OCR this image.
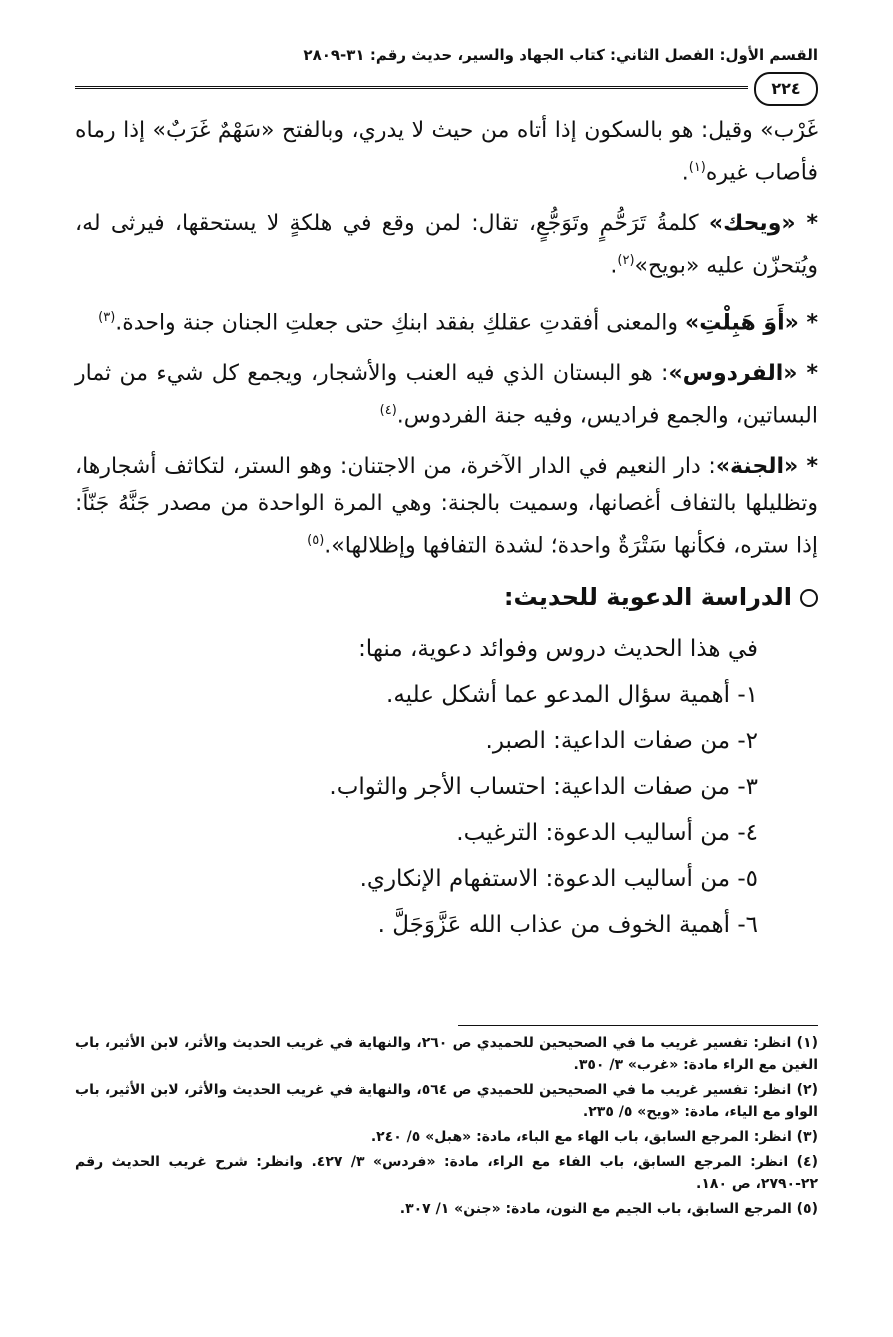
القسم الأول: الفصل الثاني: كتاب الجهاد والسير، حديث رقم: ٣١-٢٨٠٩
٢٢٤

غَرْب» وقيل: هو بالسكون إذا أتاه من حيث لا يدري، وبالفتح «سَهْمٌ غَرَبٌ» إذا رماه فأصاب غيره$^{(١)}$.

* «ويحك» كلمةُ تَرَحُّمٍ وتَوَجُّعٍ، تقال: لمن وقع في هلكةٍ لا يستحقها، فيرثى له، ويُتحزّن عليه «بويح»$^{(٢)}$.

* «أَوَ هَبِلْتِ» والمعنى أفقدتِ عقلكِ بفقد ابنكِ حتى جعلتِ الجنان جنة واحدة.$^{(٣)}$

* «الفردوس»: هو البستان الذي فيه العنب والأشجار، ويجمع كل شيء من ثمار البساتين، والجمع فراديس، وفيه جنة الفردوس.$^{(٤)}$

* «الجنة»: دار النعيم في الدار الآخرة، من الاجتنان: وهو الستر، لتكاثف أشجارها، وتظليلها بالتفاف أغصانها، وسميت بالجنة: وهي المرة الواحدة من مصدر جَنَّهُ جَنّاً: إذا ستره، فكأنها سَتْرَةٌ واحدة؛ لشدة التفافها وإظلالها».$^{(٥)}$

الدراسة الدعوية للحديث:
في هذا الحديث دروس وفوائد دعوية، منها:
١- أهمية سؤال المدعو عما أشكل عليه.
٢- من صفات الداعية: الصبر.
٣- من صفات الداعية: احتساب الأجر والثواب.
٤- من أساليب الدعوة: الترغيب.
٥- من أساليب الدعوة: الاستفهام الإنكاري.
٦- أهمية الخوف من عذاب الله عَزَّوَجَلَّ .

(١) انظر: تفسير غريب ما في الصحيحين للحميدي ص ٢٦٠، والنهاية في غريب الحديث والأثر، لابن الأثير، باب الغين مع الراء مادة: «غرب» ٣/ ٣٥٠.

(٢) انظر: تفسير غريب ما في الصحيحين للحميدي ص ٥٦٤، والنهاية في غريب الحديث والأثر، لابن الأثير، باب الواو مع الياء، مادة: «ويح» ٥/ ٢٣٥.

(٣) انظر: المرجع السابق، باب الهاء مع الباء، مادة: «هبل» ٥/ ٢٤٠.

(٤) انظر: المرجع السابق، باب الفاء مع الراء، مادة: «فردس» ٣/ ٤٢٧. وانظر: شرح غريب الحديث رقم ٢٢-٢٧٩٠، ص ١٨٠.

(٥) المرجع السابق، باب الجيم مع النون، مادة: «جنن» ١/ ٣٠٧.
